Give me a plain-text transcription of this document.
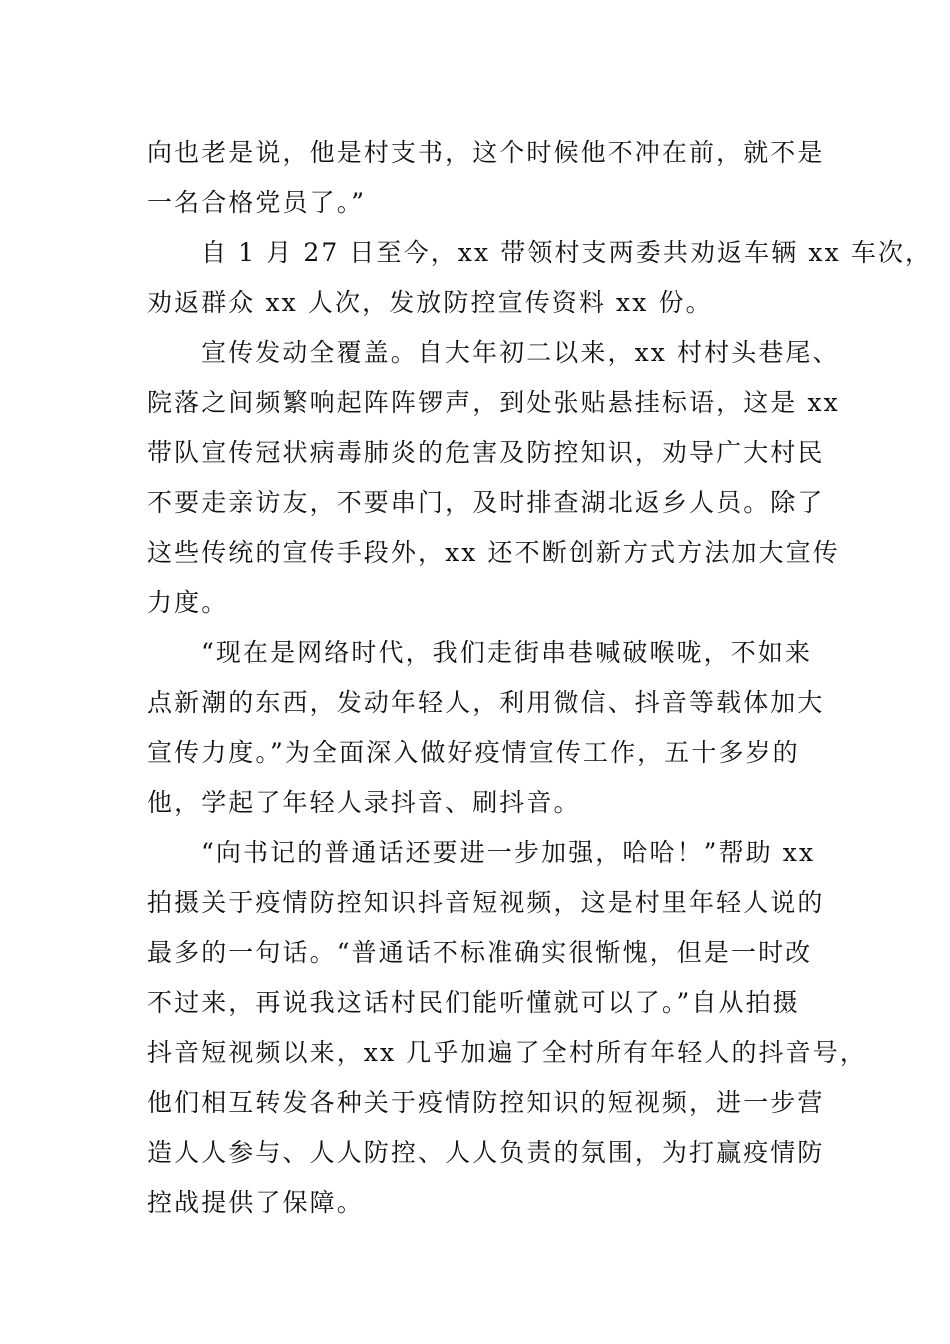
向也老是说，他是村支书，这个时候他不冲在前，就不是
一名合格党员了。”
自 1 月 27 日至今，xx 带领村支两委共劝返车辆 xx 车次，
劝返群众 xx 人次，发放防控宣传资料 xx 份。
宣传发动全覆盖。自大年初二以来，xx 村村头巷尾、
院落之间频繁响起阵阵锣声，到处张贴悬挂标语，这是 xx
带队宣传冠状病毒肺炎的危害及防控知识，劝导广大村民
不要走亲访友，不要串门，及时排查湖北返乡人员。除了
这些传统的宣传手段外，xx 还不断创新方式方法加大宣传
力度。
“现在是网络时代，我们走街串巷喊破喉咙，不如来
点新潮的东西，发动年轻人，利用微信、抖音等载体加大
宣传力度。”为全面深入做好疫情宣传工作，五十多岁的
他，学起了年轻人录抖音、刷抖音。
“向书记的普通话还要进一步加强，哈哈！”帮助 xx
拍摄关于疫情防控知识抖音短视频，这是村里年轻人说的
最多的一句话。“普通话不标准确实很惭愧，但是一时改
不过来，再说我这话村民们能听懂就可以了。”自从拍摄
抖音短视频以来，xx 几乎加遍了全村所有年轻人的抖音号，
他们相互转发各种关于疫情防控知识的短视频，进一步营
造人人参与、人人防控、人人负责的氛围，为打赢疫情防
控战提供了保障。
